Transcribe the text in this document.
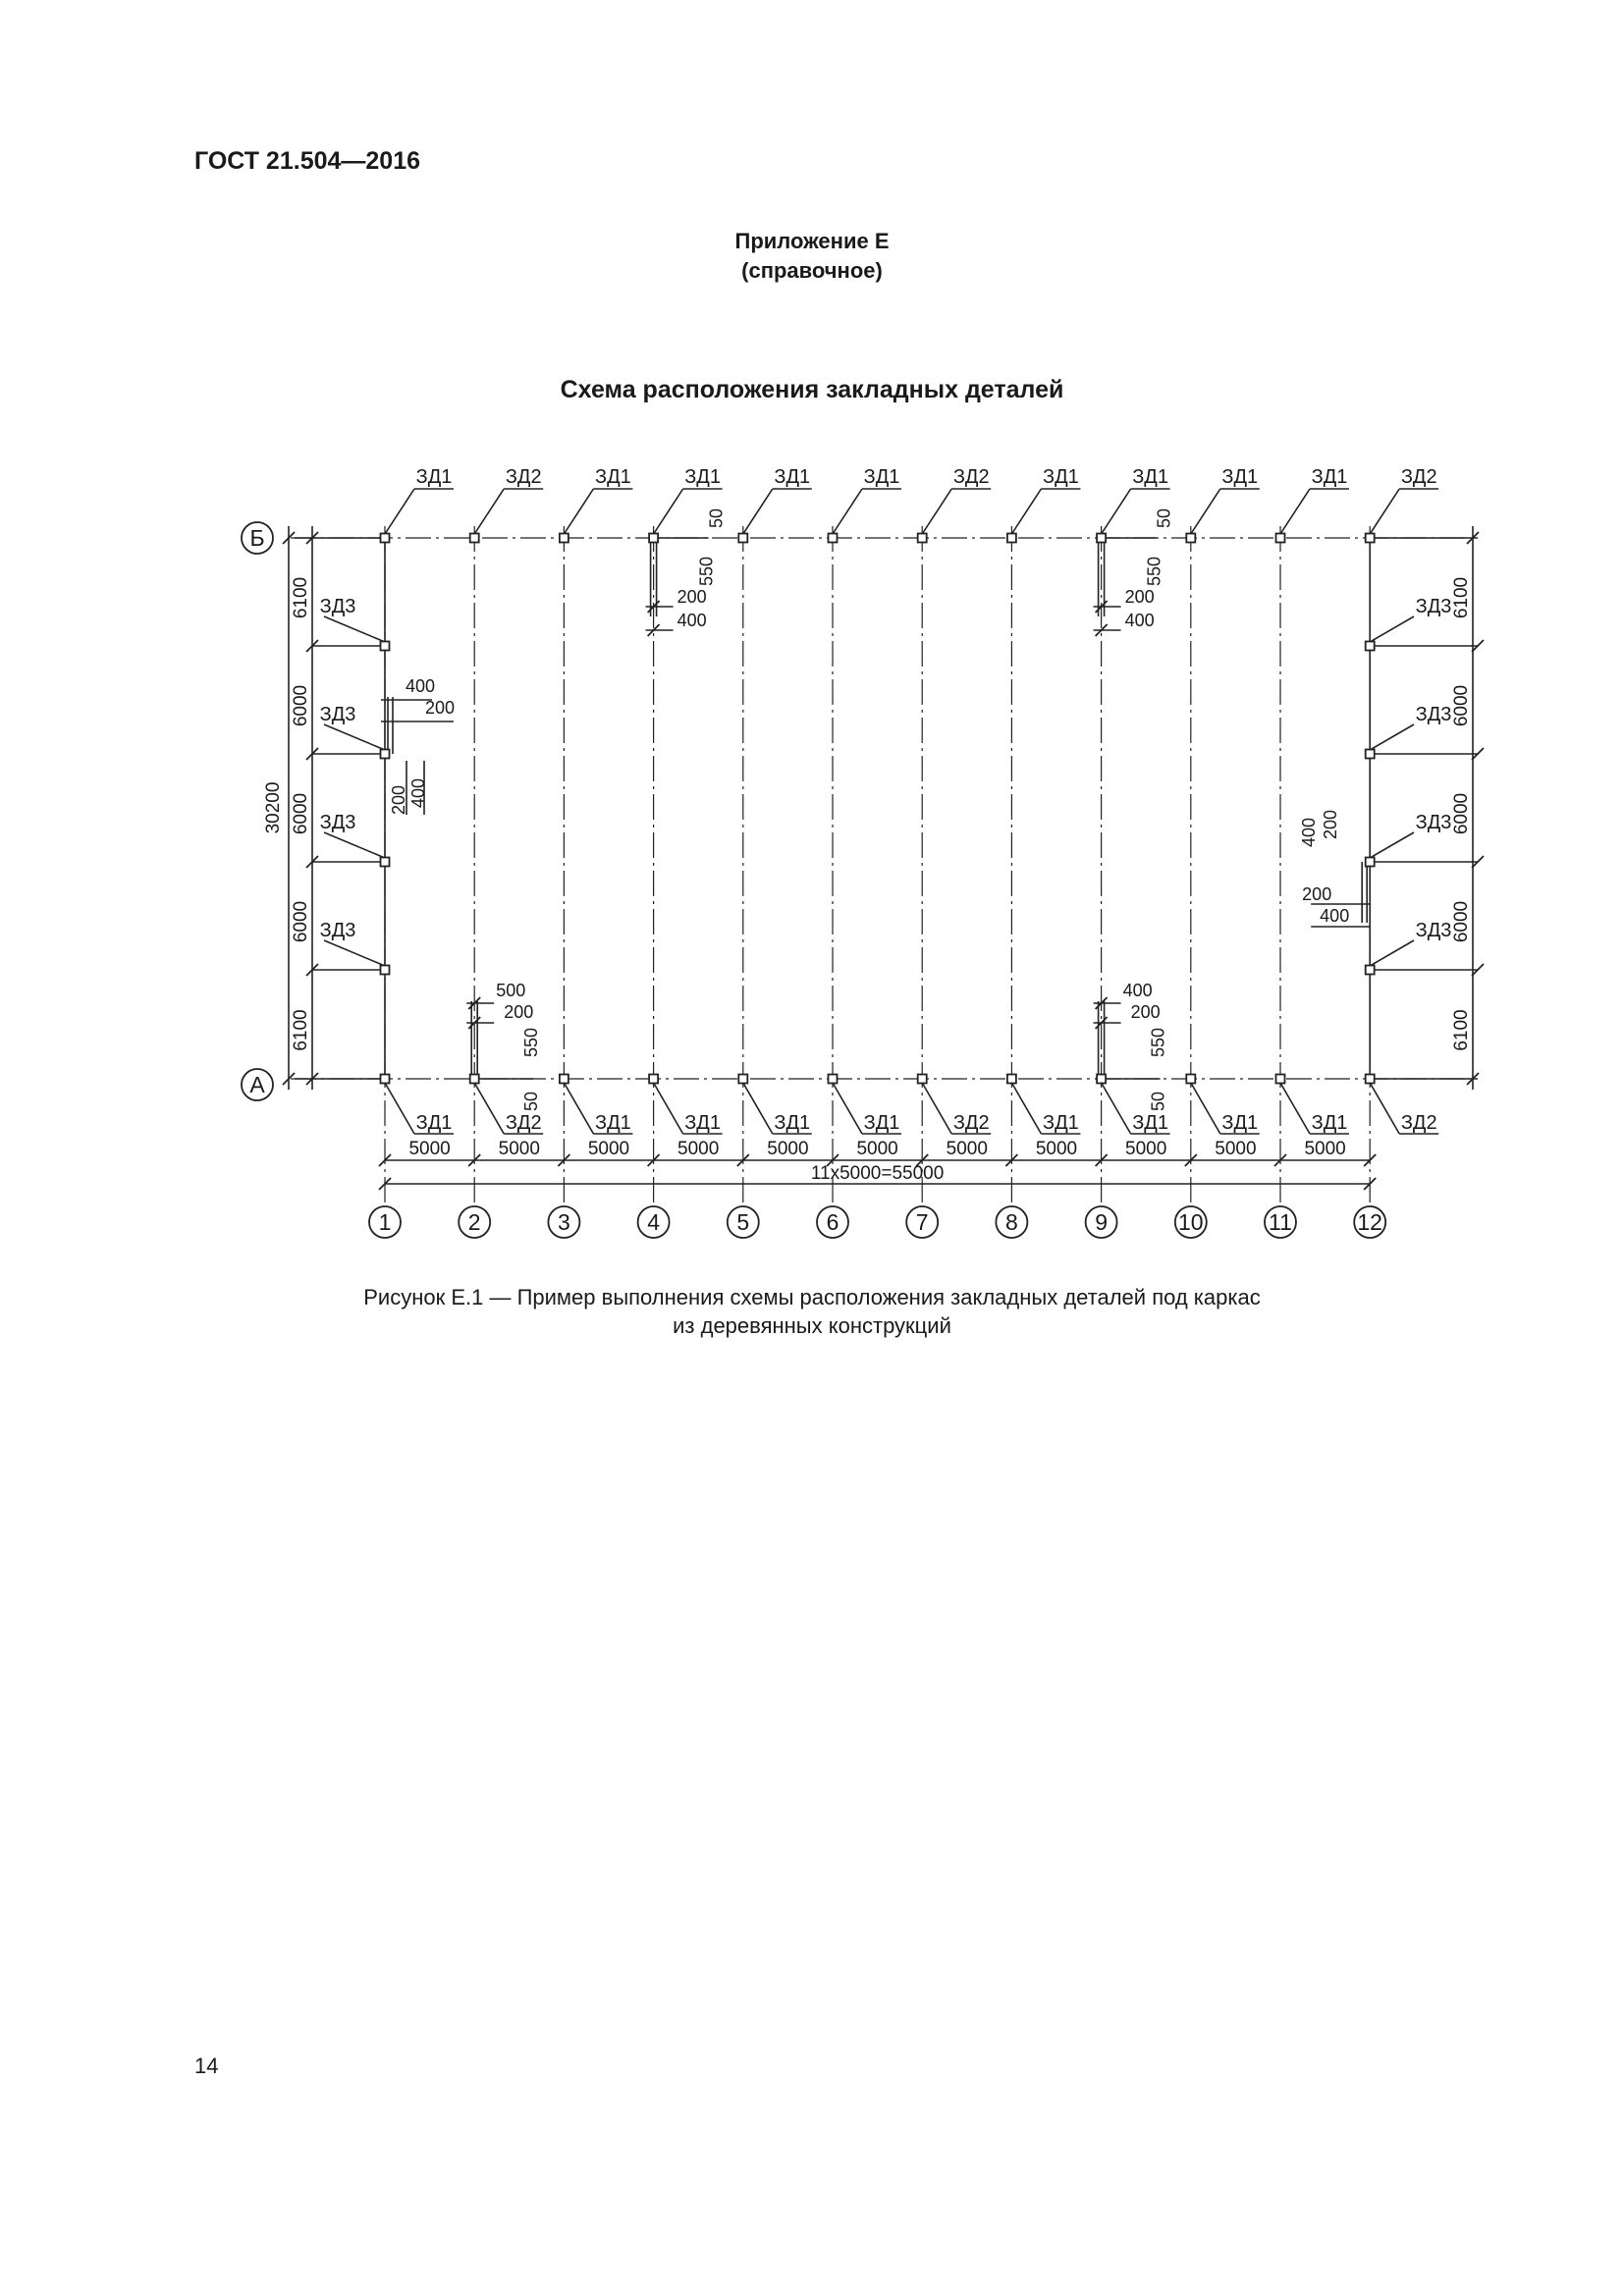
ГОСТ 21.504—2016
Приложение Е
(справочное)
Схема расположения закладных деталей
1	2	3	4	5	6	7	8	9	10	11	12
Б
А
ЗД1	ЗД2	ЗД1	ЗД1	ЗД1	ЗД1	ЗД2	ЗД1	ЗД1	ЗД1	ЗД1	ЗД2
ЗД1	ЗД2	ЗД1	ЗД1	ЗД1	ЗД1	ЗД2	ЗД1	ЗД1	ЗД1	ЗД1	ЗД2
ЗД3	ЗД3
ЗД3	ЗД3
ЗД3	ЗД3
ЗД3	ЗД3
30200
6100	6100
6000	6000
6000	6000
6000	6000
6100	6100
5000	5000	5000	5000	5000	5000	5000	5000	5000	5000	5000
11x5000=55000
50
550
200
400
50
550
200
400
500
200
550
50
400
200
550
50
400
200
200 400
400 200
200
400
Рисунок Е.1 — Пример выполнения схемы расположения закладных деталей под каркас
из деревянных конструкций
14
